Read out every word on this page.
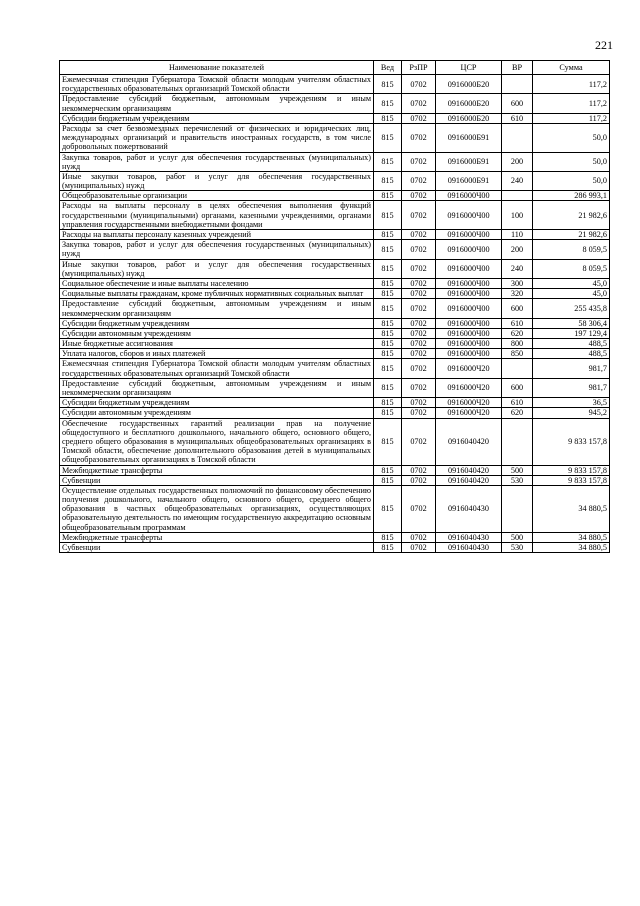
221
Наименование показателей	Вед	РзПР	ЦСР	ВР	Сумма
Ежемесячная стипендия Губернатора Томской области молодым учителям областных государственных образовательных организаций Томской области	815	0702	0916000Б20		117,2
Предоставление субсидий бюджетным, автономным учреждениям и иным некоммерческим организациям	815	0702	0916000Б20	600	117,2
Субсидии бюджетным учреждениям	815	0702	0916000Б20	610	117,2
Расходы за счет безвозмездных перечислений от физических и юридических лиц, международных организаций и правительств иностранных государств, в том числе добровольных пожертвований	815	0702	0916000Б91		50,0
Закупка товаров, работ и услуг для обеспечения государственных (муниципальных) нужд	815	0702	0916000Б91	200	50,0
Иные закупки товаров, работ и услуг для обеспечения государственных (муниципальных) нужд	815	0702	0916000Б91	240	50,0
Общеобразовательные организации	815	0702	0916000Ч00		286 993,1
Расходы на выплаты персоналу в целях обеспечения выполнения функций государственными (муниципальными) органами, казенными учреждениями, органами управления государственными внебюджетными фондами	815	0702	0916000Ч00	100	21 982,6
Расходы на выплаты персоналу казенных учреждений	815	0702	0916000Ч00	110	21 982,6
Закупка товаров, работ и услуг для обеспечения государственных (муниципальных) нужд	815	0702	0916000Ч00	200	8 059,5
Иные закупки товаров, работ и услуг для обеспечения государственных (муниципальных) нужд	815	0702	0916000Ч00	240	8 059,5
Социальное обеспечение и иные выплаты населению	815	0702	0916000Ч00	300	45,0
Социальные выплаты гражданам, кроме публичных нормативных социальных выплат	815	0702	0916000Ч00	320	45,0
Предоставление субсидий бюджетным, автономным учреждениям и иным некоммерческим организациям	815	0702	0916000Ч00	600	255 435,8
Субсидии бюджетным учреждениям	815	0702	0916000Ч00	610	58 306,4
Субсидии автономным учреждениям	815	0702	0916000Ч00	620	197 129,4
Иные бюджетные ассигнования	815	0702	0916000Ч00	800	488,5
Уплата налогов, сборов и иных платежей	815	0702	0916000Ч00	850	488,5
Ежемесячная стипендия Губернатора Томской области молодым учителям областных государственных образовательных организаций Томской области	815	0702	0916000Ч20		981,7
Предоставление субсидий бюджетным, автономным учреждениям и иным некоммерческим организациям	815	0702	0916000Ч20	600	981,7
Субсидии бюджетным учреждениям	815	0702	0916000Ч20	610	36,5
Субсидии автономным учреждениям	815	0702	0916000Ч20	620	945,2
Обеспечение государственных гарантий реализации прав на получение общедоступного и бесплатного дошкольного, начального общего, основного общего, среднего общего образования в муниципальных общеобразовательных организациях в Томской области, обеспечение дополнительного образования детей в муниципальных общеобразовательных организациях в Томской области	815	0702	0916040420		9 833 157,8
Межбюджетные трансферты	815	0702	0916040420	500	9 833 157,8
Субвенции	815	0702	0916040420	530	9 833 157,8
Осуществление отдельных государственных полномочий по финансовому обеспечению получения дошкольного, начального общего, основного общего, среднего общего образования в частных общеобразовательных организациях, осуществляющих образовательную деятельность по имеющим государственную аккредитацию основным общеобразовательным программам	815	0702	0916040430		34 880,5
Межбюджетные трансферты	815	0702	0916040430	500	34 880,5
Субвенции	815	0702	0916040430	530	34 880,5
